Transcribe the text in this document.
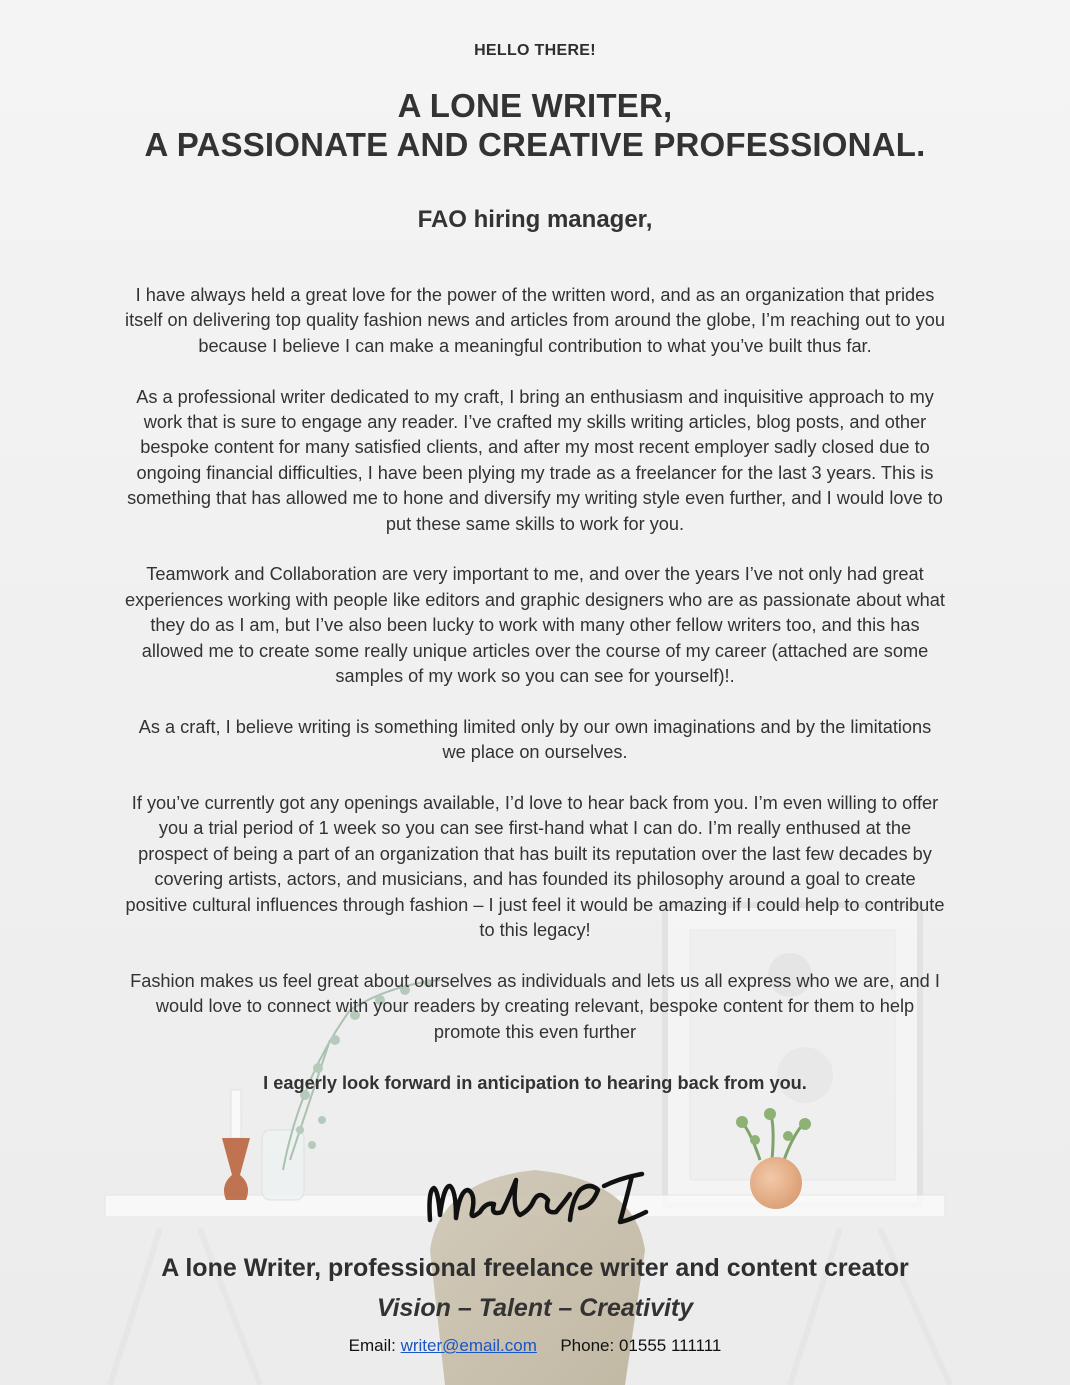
HELLO THERE!
A LONE WRITER,
A PASSIONATE AND CREATIVE PROFESSIONAL.
FAO hiring manager,

I have always held a great love for the power of the written word, and as an organization that prides itself on delivering top quality fashion news and articles from around the globe, I’m reaching out to you because I believe I can make a meaningful contribution to what you’ve built thus far.

As a professional writer dedicated to my craft, I bring an enthusiasm and inquisitive approach to my work that is sure to engage any reader. I’ve crafted my skills writing articles, blog posts, and other bespoke content for many satisfied clients, and after my most recent employer sadly closed due to ongoing financial difficulties, I have been plying my trade as a freelancer for the last 3 years. This is something that has allowed me to hone and diversify my writing style even further, and I would love to put these same skills to work for you.

Teamwork and Collaboration are very important to me, and over the years I’ve not only had great experiences working with people like editors and graphic designers who are as passionate about what they do as I am, but I’ve also been lucky to work with many other fellow writers too, and this has allowed me to create some really unique articles over the course of my career (attached are some samples of my work so you can see for yourself)!.

As a craft, I believe writing is something limited only by our own imaginations and by the limitations we place on ourselves.

If you’ve currently got any openings available, I’d love to hear back from you. I’m even willing to offer you a trial period of 1 week so you can see first-hand what I can do. I’m really enthused at the prospect of being a part of an organization that has built its reputation over the last few decades by covering artists, actors, and musicians, and has founded its philosophy around a goal to create positive cultural influences through fashion – I just feel it would be amazing if I could help to contribute to this legacy!

Fashion makes us feel great about ourselves as individuals and lets us all express who we are, and I would love to connect with your readers by creating relevant, bespoke content for them to help promote this even further

I eagerly look forward in anticipation to hearing back from you.

A lone Writer, professional freelance writer and content creator
Vision – Talent – Creativity
Email: writer@email.com Phone: 01555 111111
